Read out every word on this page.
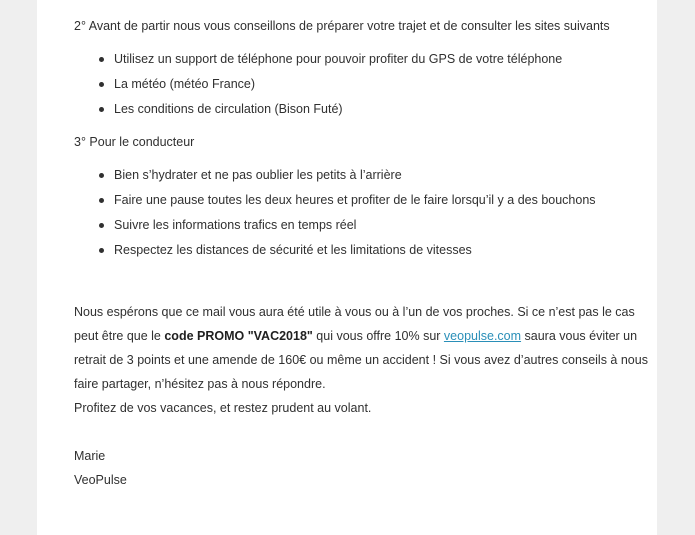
2° Avant de partir nous vous conseillons de préparer votre trajet et de consulter les sites suivants

Utilisez un support de téléphone pour pouvoir profiter du GPS de votre téléphone
La météo (météo France)
Les conditions de circulation (Bison Futé)

3° Pour le conducteur

Bien s’hydrater et ne pas oublier les petits à l’arrière
Faire une pause toutes les deux heures et profiter de le faire lorsqu’il y a des bouchons
Suivre les informations trafics en temps réel
Respectez les distances de sécurité et les limitations de vitesses
Nous espérons que ce mail vous aura été utile à vous ou à l’un de vos proches. Si ce n’est pas le cas
peut être que le code PROMO "VAC2018" qui vous offre 10% sur veopulse.com saura vous éviter un
retrait de 3 points et une amende de 160€ ou même un accident ! Si vous avez d’autres conseils à nous
faire partager, n’hésitez pas à nous répondre.
Profitez de vos vacances, et restez prudent au volant.
Marie
VeoPulse
